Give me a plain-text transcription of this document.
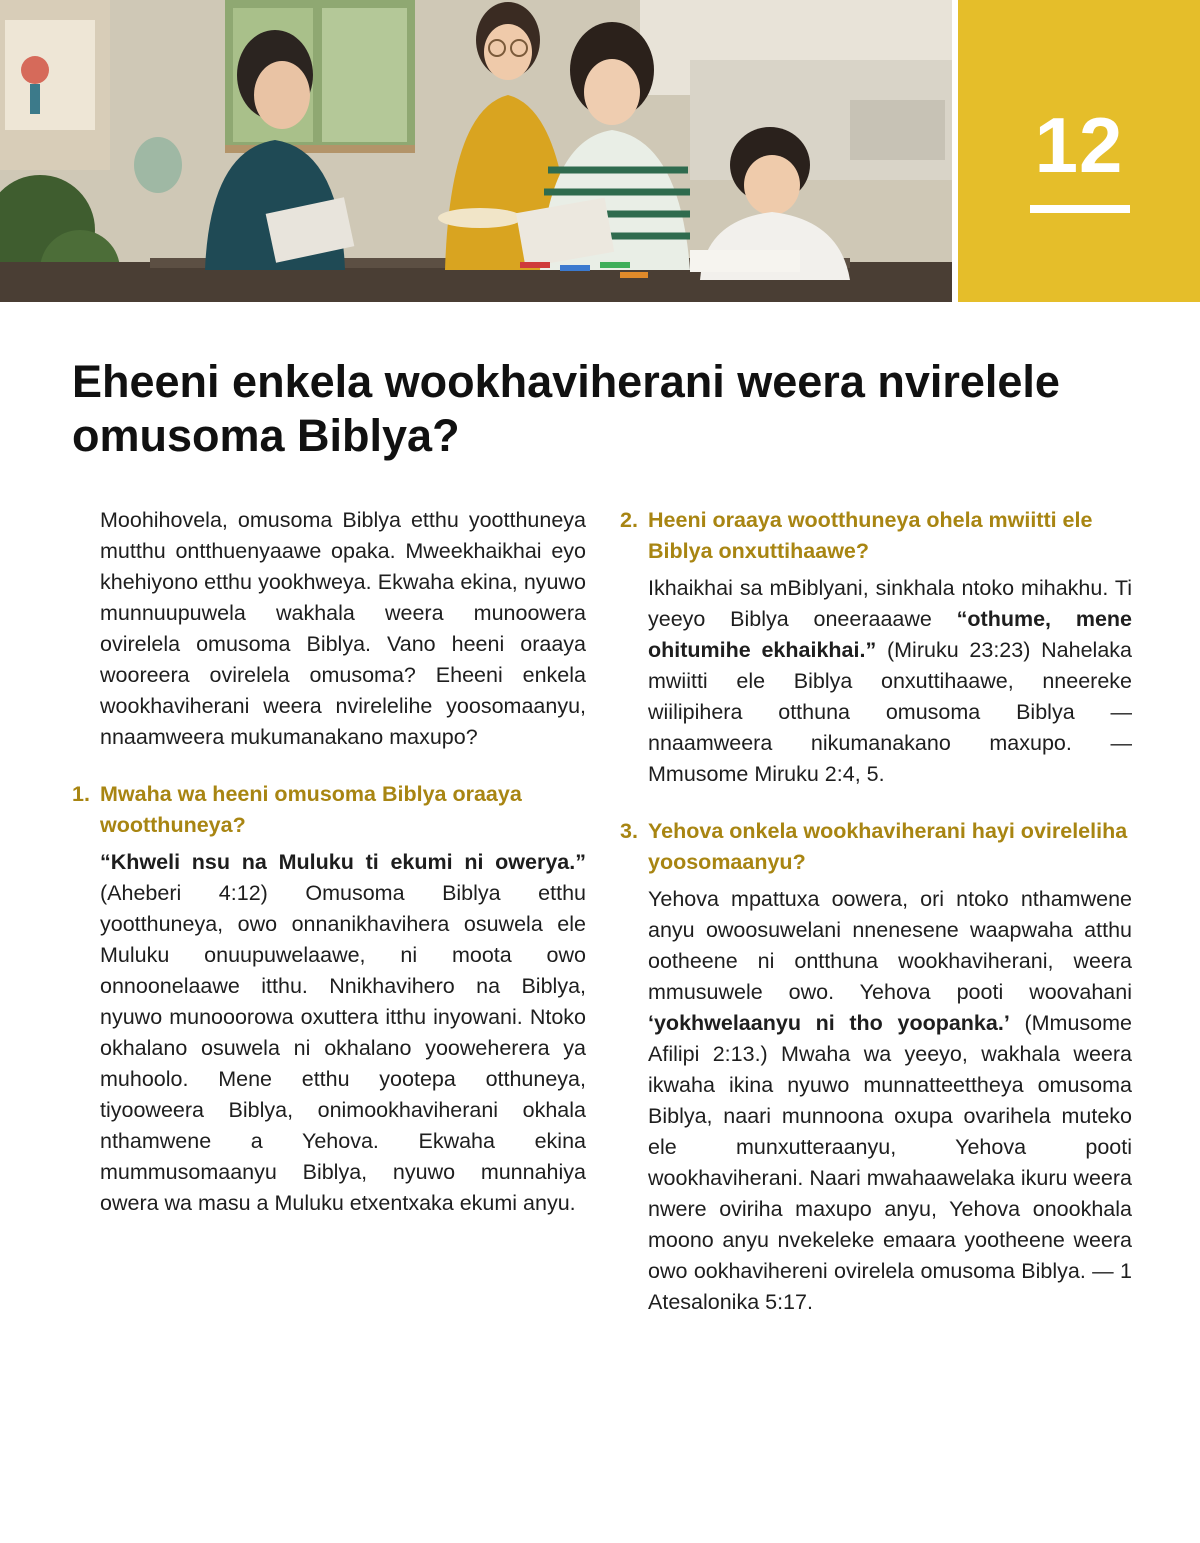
12
Eheeni enkela wookhaviherani weera nvirelele omusoma Biblya?

Moohihovela, omusoma Biblya etthu yootthuneya mutthu ontthuenyaawe opaka. Mweekhaikhai eyo khehiyono etthu yookhweya. Ekwaha ekina, nyuwo munnuupuwela wakhala weera munoowera ovirelela omusoma Biblya. Vano heeni oraaya wooreera ovirelela omusoma? Eheeni enkela wookhaviherani weera nvirelelihe yoosomaanyu, nnaamweera mukumanakano maxupo?

1. Mwaha wa heeni omusoma Biblya oraaya wootthuneya?

“Khweli nsu na Muluku ti ekumi ni owerya.” (Aheberi 4:12) Omusoma Biblya etthu yootthuneya, owo onnanikhavihera osuwela ele Muluku onuupuwelaawe, ni moota owo onnoonelaawe itthu. Nnikhavihero na Biblya, nyuwo munooorowa oxuttera itthu inyowani. Ntoko okhalano osuwela ni okhalano yooweherera ya muhoolo. Mene etthu yootepa otthuneya, tiyooweera Biblya, onimookhaviherani okhala nthamwene a Yehova. Ekwaha ekina mummusomaanyu Biblya, nyuwo munnahiya owera wa masu a Muluku etxentxaka ekumi anyu.

2. Heeni oraaya wootthuneya ohela mwiitti ele Biblya onxuttihaawe?

Ikhaikhai sa mBiblyani, sinkhala ntoko mihakhu. Ti yeeyo Biblya oneeraaawe “othume, mene ohitumihe ekhaikhai.” (Miruku 23:23) Nahelaka mwiitti ele Biblya onxuttihaawe, nneereke wiilipihera otthuna omusoma Biblya — nnaamweera nikumanakano maxupo. — Mmusome Miruku 2:4, 5.

3. Yehova onkela wookhaviherani hayi ovireleliha yoosomaanyu?

Yehova mpattuxa oowera, ori ntoko nthamwene anyu owoosuwelani nnenesene waapwaha atthu ootheene ni ontthuna wookhaviherani, weera mmusuwele owo. Yehova pooti woovahani ‘yokhwelaanyu ni tho yoopanka.’ (Mmusome Afilipi 2:13.) Mwaha wa yeeyo, wakhala weera ikwaha ikina nyuwo munnatteettheya omusoma Biblya, naari munnoona oxupa ovarihela muteko ele munxutteraanyu, Yehova pooti wookhaviherani. Naari mwahaawelaka ikuru weera nwere oviriha maxupo anyu, Yehova onookhala moono anyu nvekeleke emaara yootheene weera owo ookhavihereni ovirelela omusoma Biblya. — 1 Atesalonika 5:17.
